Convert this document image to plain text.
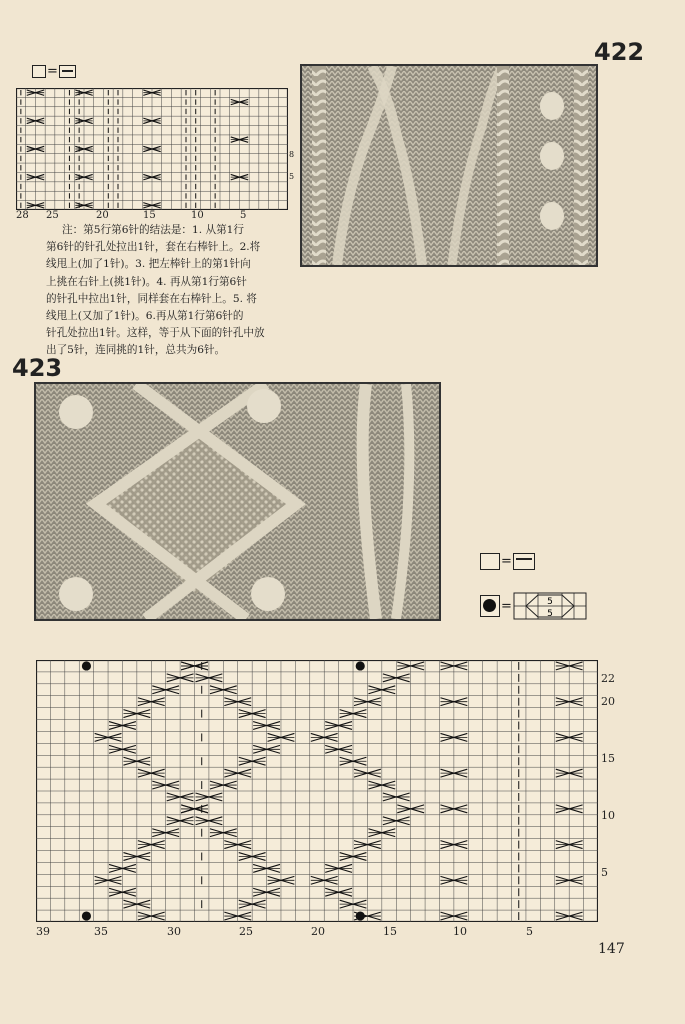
422
=
28 25	20	15	10	5
8
5
注：第5行第6针的结法是：1. 从第1行
第6针的针孔处拉出1针，套在右棒针上。2.将
线甩上(加了1针)。3. 把左棒针上的第1针向
上挑在右针上(挑1针)。4. 再从第1行第6针
的针孔中拉出1针，同样套在右棒针上。5. 将
线甩上(又加了1针)。6.再从第1行第6针的
针孔处拉出1针。这样，等于从下面的针孔中放
出了5针，连同挑的1针，总共为6针。
423
=
=	5
5
39	35	30	25	20	15	10	5
22
20
15
10
5
147
